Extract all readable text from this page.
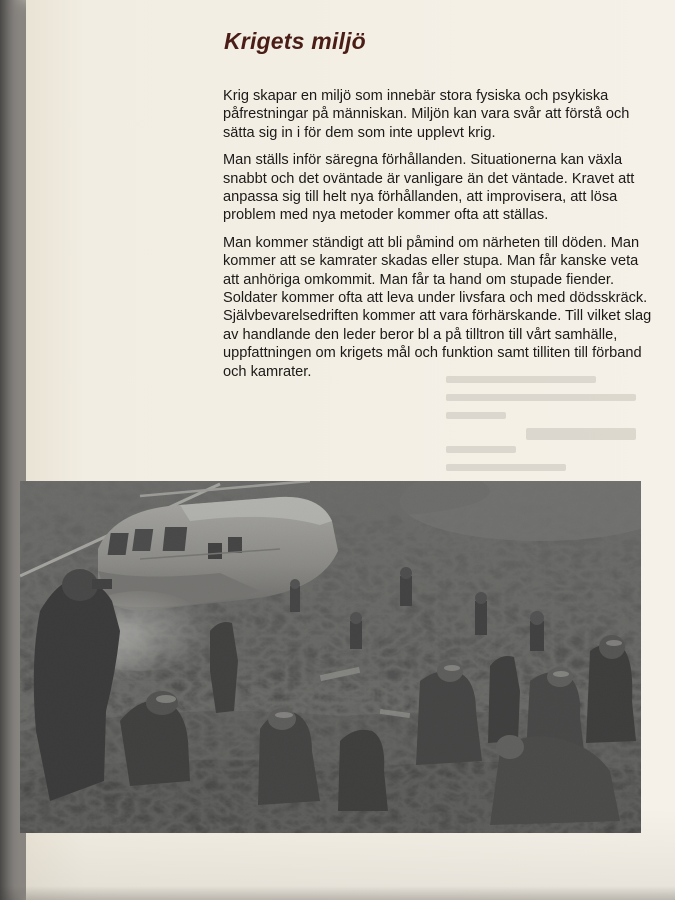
Krigets miljö

Krig skapar en miljö som innebär stora fysiska och psykiska påfrestningar på människan. Miljön kan vara svår att förstå och sätta sig in i för dem som inte upplevt krig.

Man ställs inför säregna förhållanden. Situationerna kan växla snabbt och det oväntade är vanligare än det väntade. Kravet att anpassa sig till helt nya förhållanden, att improvisera, att lösa problem med nya metoder kommer ofta att ställas.

Man kommer ständigt att bli påmind om närheten till döden. Man kommer att se kamrater skadas eller stupa. Man får kanske veta att anhöriga omkommit. Man får ta hand om stupade fiender. Soldater kommer ofta att leva under livsfara och med dödsskräck. Självbevarelsedriften kommer att vara förhärskande. Till vilket slag av handlande den leder beror bl a på tilltron till vårt samhälle, uppfattningen om krigets mål och funktion samt tilliten till förband och kamrater.
